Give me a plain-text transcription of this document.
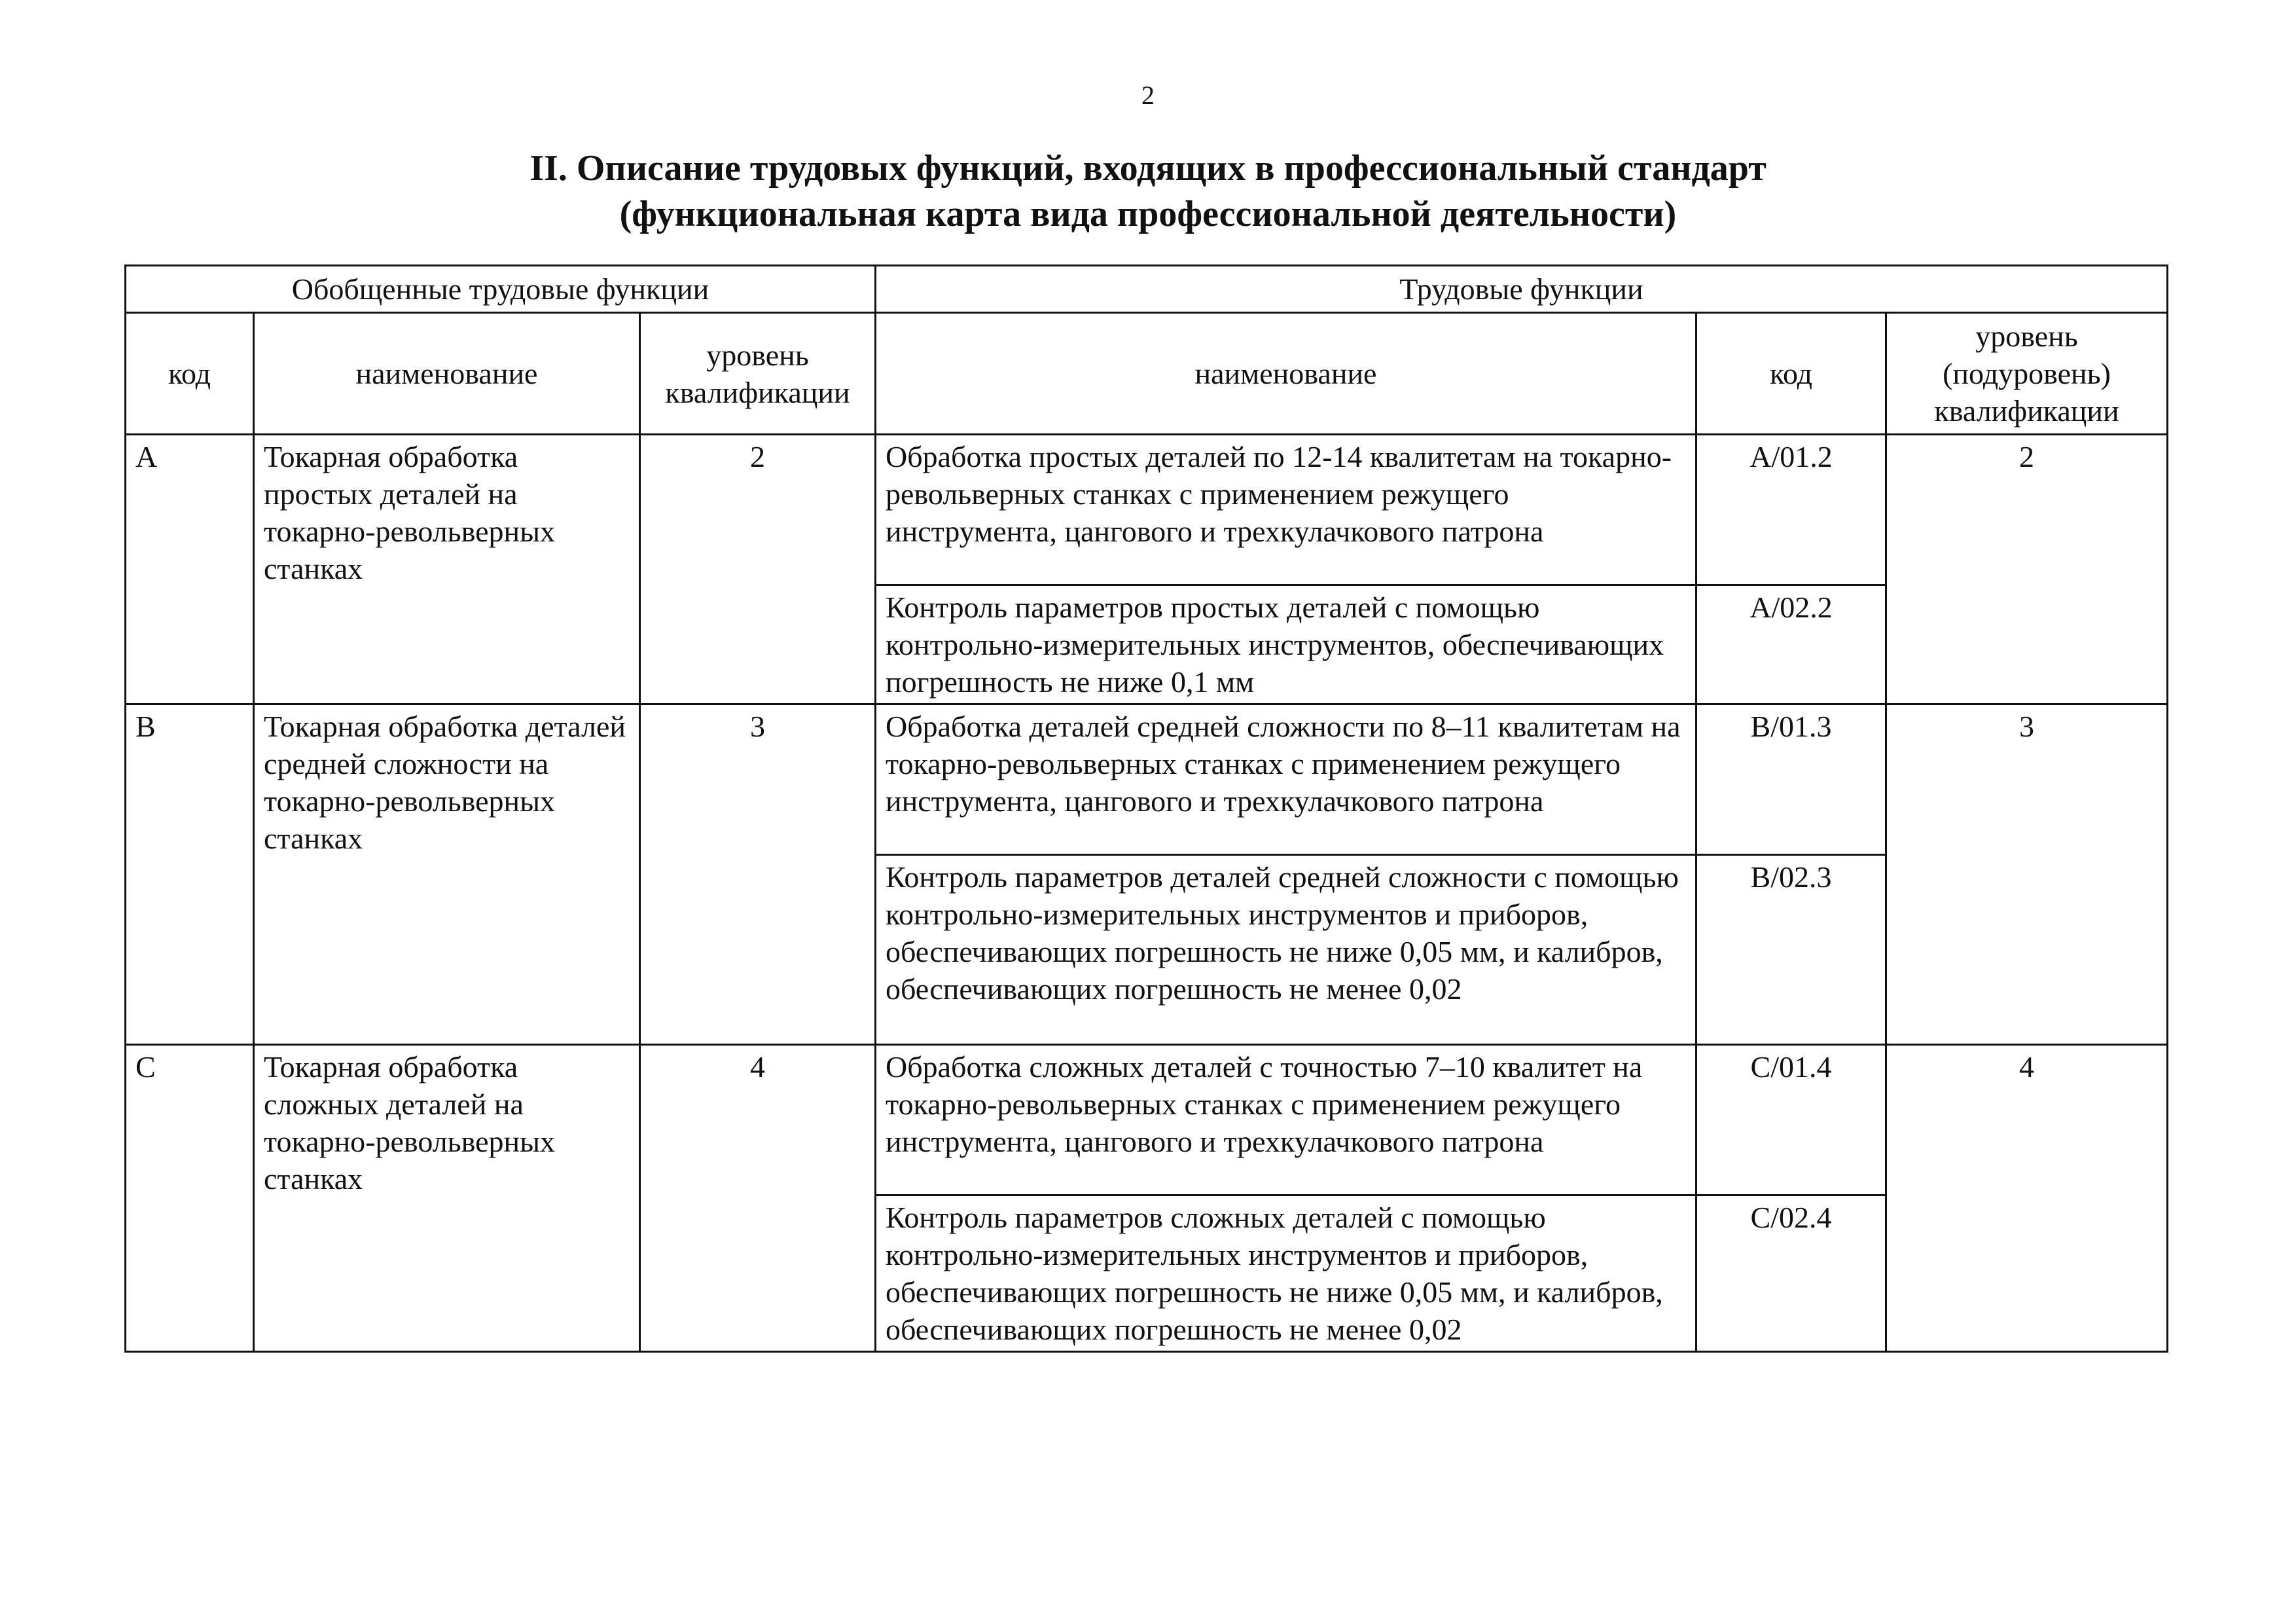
2
II. Описание трудовых функций, входящих в профессиональный стандарт
(функциональная карта вида профессиональной деятельности)
Обобщенные трудовые функции			Трудовые функции		
код	наименование	уровень квалификации	наименование	код	уровень (подуровень) квалификации
A	Токарная обработка простых деталей на токарно-револьверных станках	2	Обработка простых деталей по 12-14 квалитетам на токарно-револьверных станках с применением режущего инструмента, цангового и трехкулачкового патрона	A/01.2	2
			Контроль параметров простых деталей с помощью контрольно-измерительных инструментов, обеспечивающих погрешность не ниже 0,1 мм	A/02.2	
B	Токарная обработка деталей средней сложности на токарно-револьверных станках	3	Обработка деталей средней сложности по 8–11 квалитетам на токарно-револьверных станках с применением режущего инструмента, цангового и трехкулачкового патрона	B/01.3	3
			Контроль параметров деталей средней сложности с помощью контрольно-измерительных инструментов и приборов, обеспечивающих погрешность не ниже 0,05 мм, и калибров, обеспечивающих погрешность не менее 0,02	B/02.3	
C	Токарная обработка сложных деталей на токарно-револьверных станках	4	Обработка сложных деталей с точностью 7–10 квалитет на токарно-револьверных станках с применением режущего инструмента, цангового и трехкулачкового патрона	C/01.4	4
			Контроль параметров сложных деталей с помощью контрольно-измерительных инструментов и приборов, обеспечивающих погрешность не ниже 0,05 мм, и калибров, обеспечивающих погрешность не менее 0,02	C/02.4	
